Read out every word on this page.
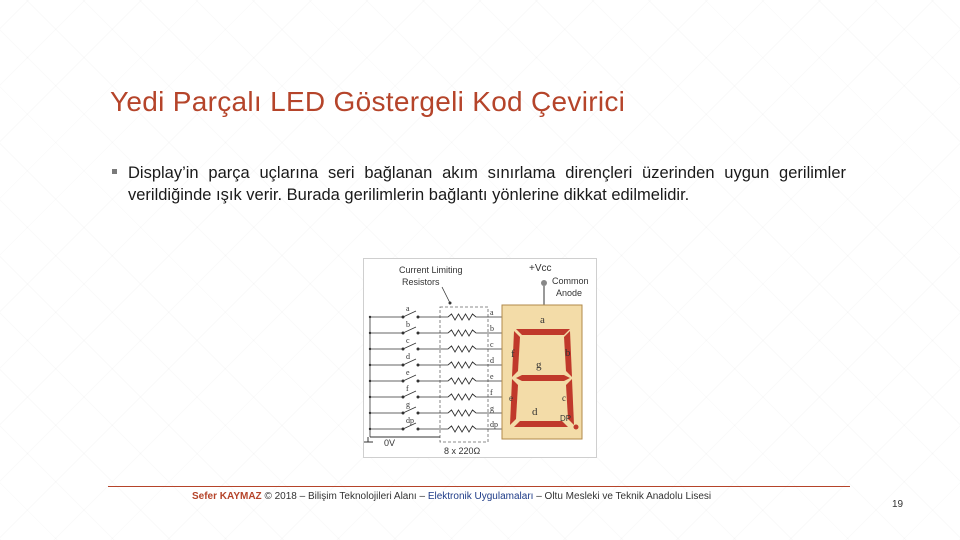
Yedi Parçalı LED Göstergeli Kod Çevirici
Display’in parça uçlarına seri bağlanan akım sınırlama dirençleri üzerinden uygun gerilimler verildiğinde ışık verir. Burada gerilimlerin bağlantı yönlerine dikkat edilmelidir.
Current Limiting
Resistors
+Vcc
Common
Anode
a	a
b	b
c	c
d	d
e	e
f	f
g	g
dp	dp
0V
8 x 220Ω
a
b
f
g
c
e
d
DP
Sefer KAYMAZ © 2018 – Bilişim Teknolojileri Alanı – Elektronik Uygulamaları – Oltu Mesleki ve Teknik Anadolu Lisesi
19
